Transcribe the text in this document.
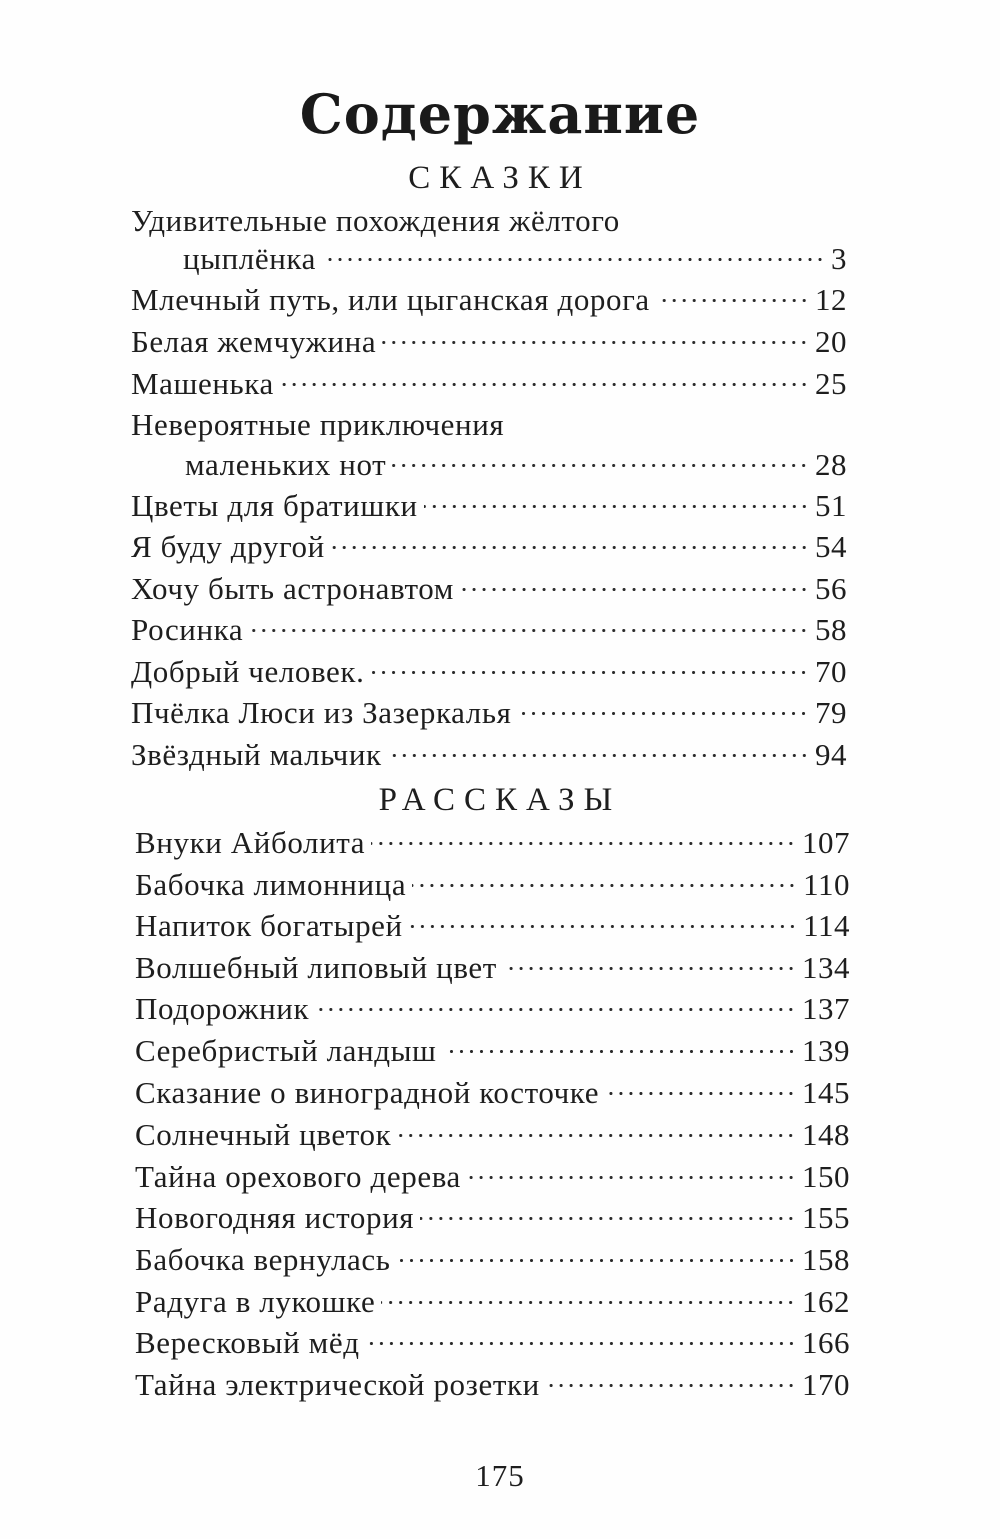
Содержание
СКАЗКИ
Удивительные похождения жёлтого
цыплёнка	3
Млечный путь, или цыганская дорога	12
Белая жемчужина	20
Машенька	25
Невероятные приключения
маленьких нот	28
Цветы для братишки	51
Я буду другой	54
Хочу быть астронавтом	56
Росинка	58
Добрый человек.	70
Пчёлка Люси из Зазеркалья	79
Звёздный мальчик	94
РАССКАЗЫ
Внуки Айболита	107
Бабочка лимонница	110
Напиток богатырей	114
Волшебный липовый цвет	134
Подорожник	137
Серебристый ландыш	139
Сказание о виноградной косточке	145
Солнечный цветок	148
Тайна орехового дерева	150
Новогодняя история	155
Бабочка вернулась	158
Радуга в лукошке	162
Вересковый мёд	166
Тайна электрической розетки	170
175
